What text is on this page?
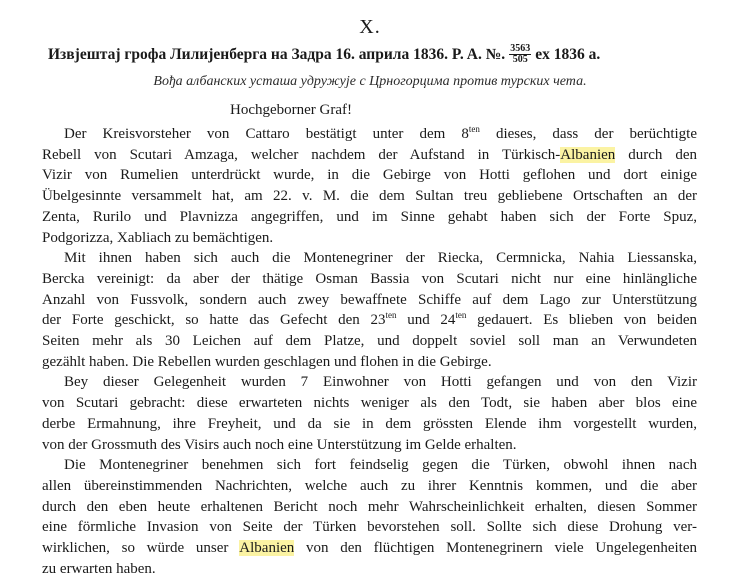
X.
Извјештај грофа Лилијенберга на Задра 16. априла 1836. P. A. №. $\frac{3563}{505}$ ex 1836 a.
Вођа албанских усташа удружује с Црногорцима против турских чета.
Hochgeborner Graf!
Der Kreisvorsteher von Cattaro bestätigt unter dem $8^{ten}$ dieses, dass der berüchtigte
Rebell von Scutari Amzaga, welcher nachdem der Aufstand in Türkisch-Albanien durch den
Vizir von Rumelien unterdrückt wurde, in die Gebirge von Hotti geflohen und dort einige
Übelgesinnte versammelt hat, am 22. v. M. die dem Sultan treu gebliebene Ortschaften an der
Zenta, Rurilo und Plavnizza angegriffen, und im Sinne gehabt haben sich der Forte Spuz,
Podgorizza, Xabliach zu bemächtigen.
Mit ihnen haben sich auch die Montenegriner der Riecka, Cermnicka, Nahia Liessanska,
Bercka vereinigt: da aber der thätige Osman Bassia von Scutari nicht nur eine hinlängliche
Anzahl von Fussvolk, sondern auch zwey bewaffnete Schiffe auf dem Lago zur Unterstützung
der Forte geschickt, so hatte das Gefecht den $23^{ten}$ und $24^{ten}$ gedauert. Es blieben von beiden
Seiten mehr als 30 Leichen auf dem Platze, und doppelt soviel soll man an Verwundeten
gezählt haben. Die Rebellen wurden geschlagen und flohen in die Gebirge.
Bey dieser Gelegenheit wurden 7 Einwohner von Hotti gefangen und von den Vizir
von Scutari gebracht: diese erwarteten nichts weniger als den Todt, sie haben aber blos eine
derbe Ermahnung, ihre Freyheit, und da sie in dem grössten Elende ihm vorgestellt wurden,
von der Grossmuth des Visirs auch noch eine Unterstützung im Gelde erhalten.
Die Montenegriner benehmen sich fort feindselig gegen die Türken, obwohl ihnen nach
allen übereinstimmenden Nachrichten, welche auch zu ihrer Kenntnis kommen, und die aber
durch den eben heute erhaltenen Bericht noch mehr Wahrscheinlichkeit erhalten, diesen Sommer
eine förmliche Invasion von Seite der Türken bevorstehen soll. Sollte sich diese Drohung ver-
wirklichen, so würde unser Albanien von den flüchtigen Montenegrinern viele Ungelegenheiten
zu erwarten haben.
